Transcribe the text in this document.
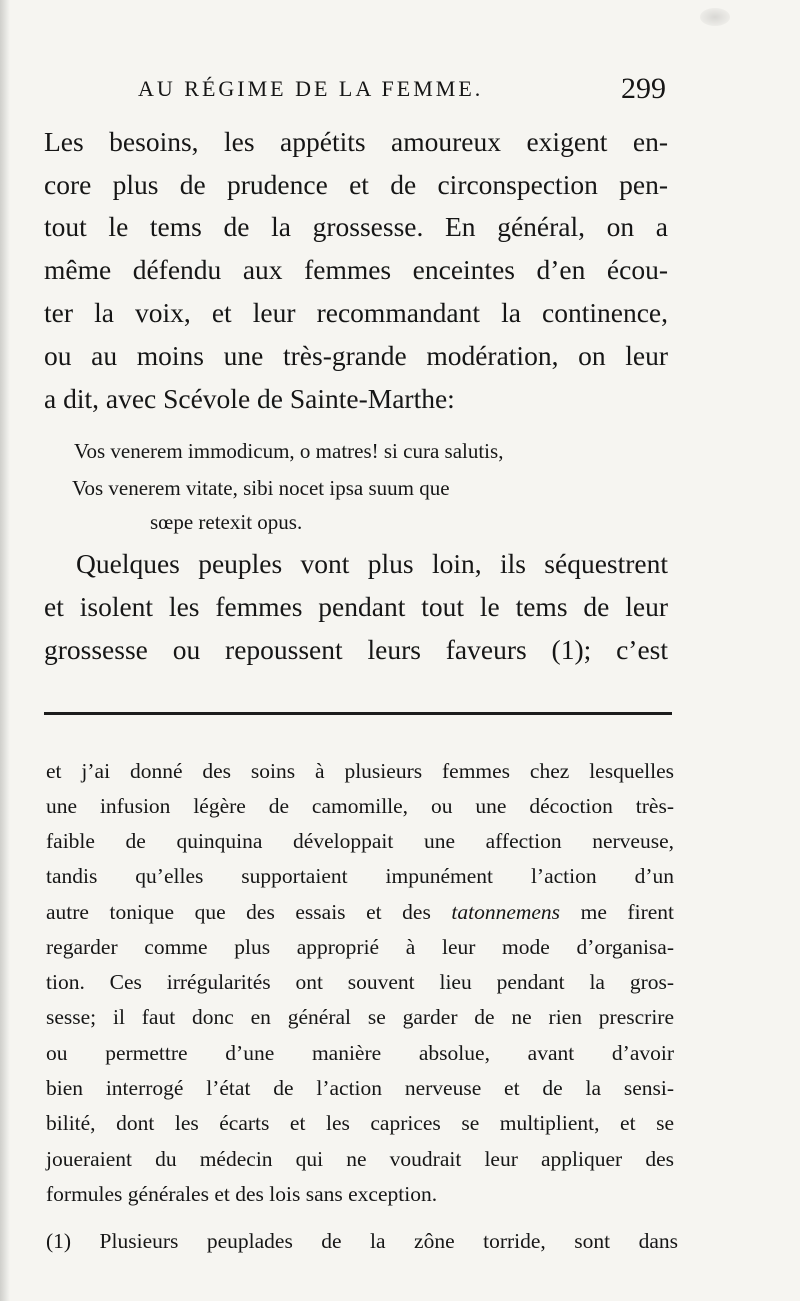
AU RÉGIME DE LA FEMME.	299
Les besoins, les appétits amoureux exigent en-
core plus de prudence et de circonspection pen-
tout le tems de la grossesse. En général, on a
même défendu aux femmes enceintes d’en écou-
ter la voix, et leur recommandant la continence,
ou au moins une très-grande modération, on leur
a dit, avec Scévole de Sainte-Marthe:
Vos venerem immodicum, o matres! si cura salutis,
Vos venerem vitate, sibi nocet ipsa suum que
sœpe retexit opus.
Quelques peuples vont plus loin, ils séquestrent
et isolent les femmes pendant tout le tems de leur
grossesse ou repoussent leurs faveurs (1); c’est
et j’ai donné des soins à plusieurs femmes chez lesquelles
une infusion légère de camomille, ou une décoction très-
faible de quinquina développait une affection nerveuse,
tandis qu’elles supportaient impunément l’action d’un
autre tonique que des essais et des tatonnemens me firent
regarder comme plus approprié à leur mode d’organisa-
tion. Ces irrégularités ont souvent lieu pendant la gros-
sesse; il faut donc en général se garder de ne rien prescrire
ou permettre d’une manière absolue, avant d’avoir
bien interrogé l’état de l’action nerveuse et de la sensi-
bilité, dont les écarts et les caprices se multiplient, et se
joueraient du médecin qui ne voudrait leur appliquer des
formules générales et des lois sans exception.
(1) Plusieurs peuplades de la zône torride, sont dans
